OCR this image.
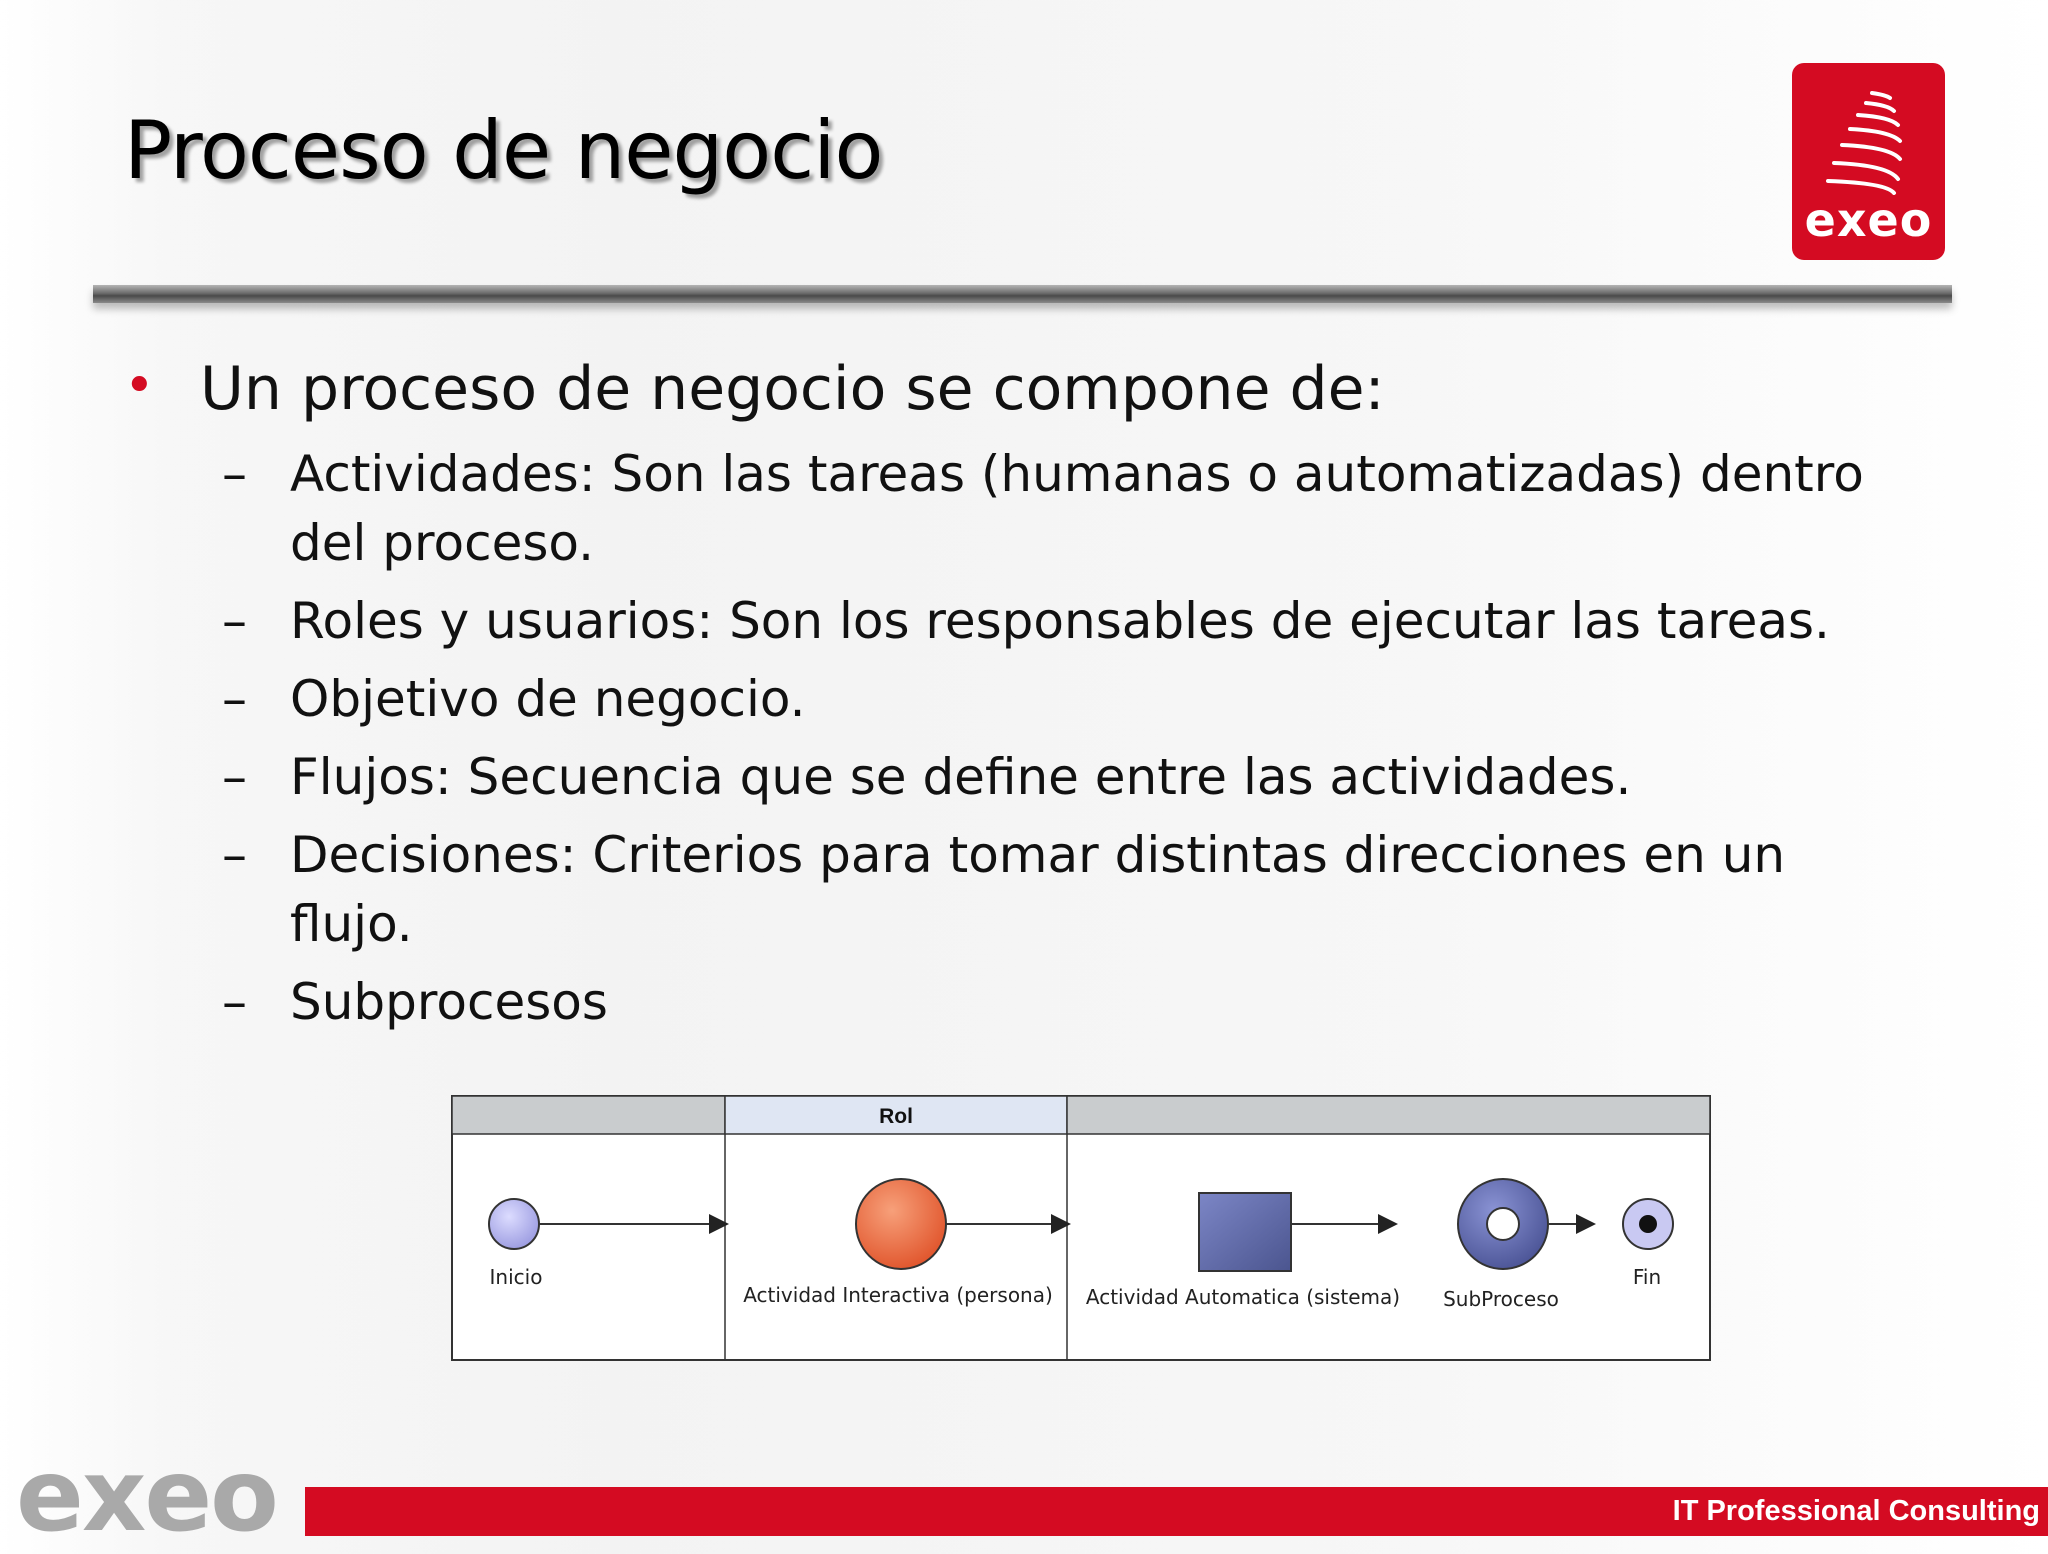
Proceso de negocio
exeo
• Un proceso de negocio se compone de:
– Actividades: Son las tareas (humanas o automatizadas) dentro del proceso.
– Roles y usuarios: Son los responsables de ejecutar las tareas.
– Objetivo de negocio.
– Flujos: Secuencia que se define entre las actividades.
– Decisiones: Criterios para tomar distintas direcciones en un flujo.
– Subprocesos
Rol
Inicio
Actividad Interactiva (persona) Actividad Automatica (sistema) SubProceso
Fin
exeo	IT Professional Consulting
